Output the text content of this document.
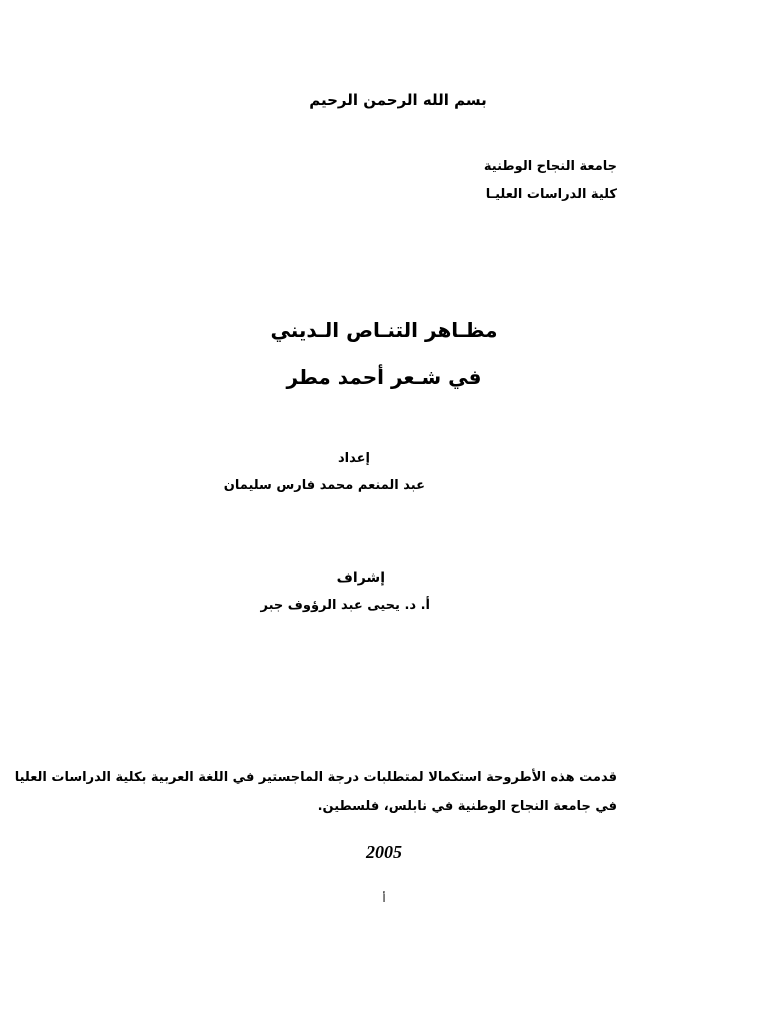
بسم الله الرحمن الرحيم
جامعة النجاح الوطنية
كلية الدراسات العليـا
مظـاهر التنـاص الـديني
في شـعر أحمد مطر
إعداد
عبد المنعم محمد فارس سليمان
إشراف
أ. د. يحيى عبد الرؤوف جبر
قدمت هذه الأطروحة استكمالا لمتطلبات درجة الماجستير في اللغة العربية بكلية الدراسات العليا
في جامعة النجاح الوطنية في نابلس، فلسطين.
2005
أ
